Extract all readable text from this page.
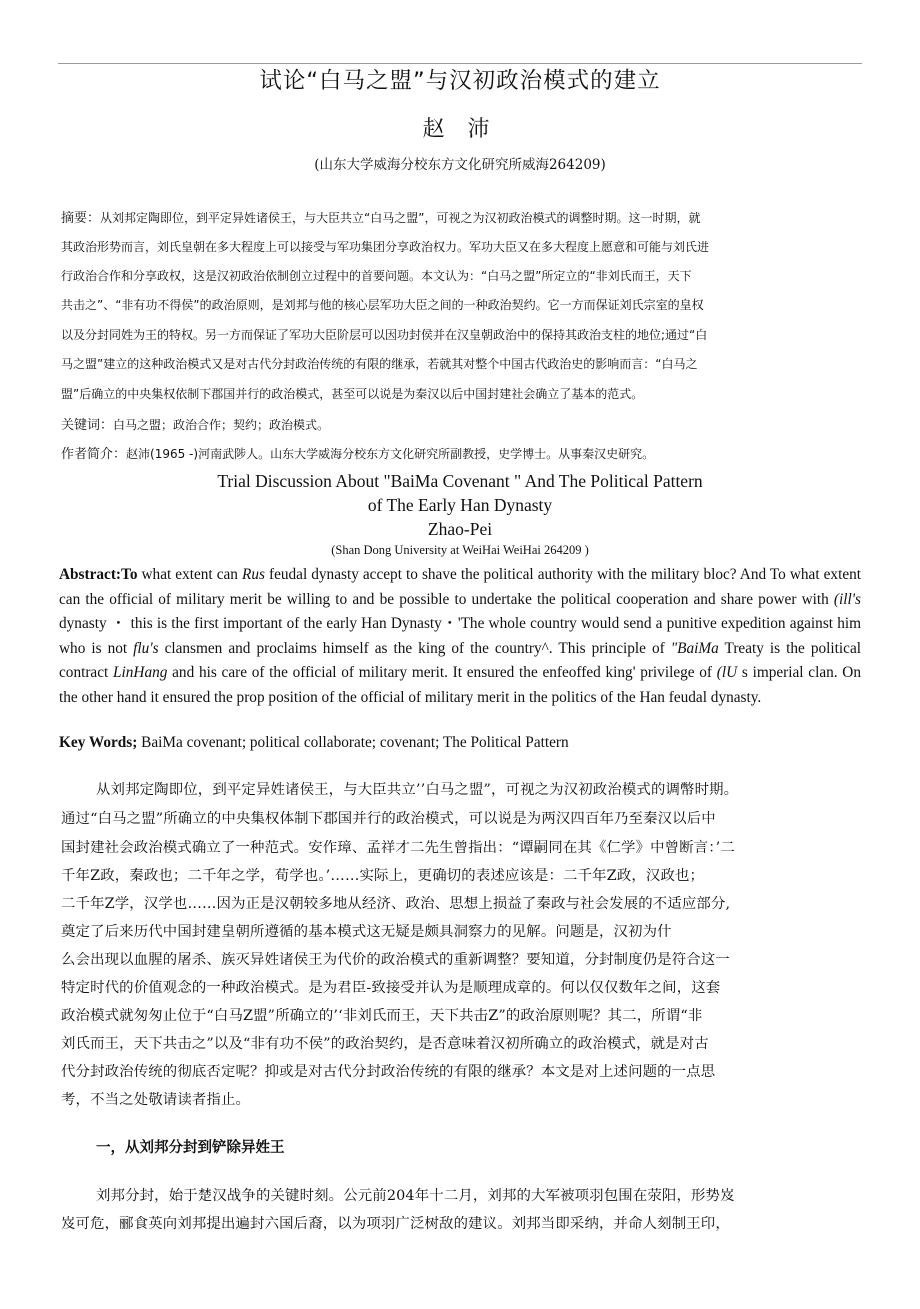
试论“白马之盟”与汉初政治模式的建立
赵 沛
(山东大学威海分校东方文化研究所威海264209)
摘要：从刘邦定陶即位，到平定异姓诸侯王，与大臣共立“白马之盟”，可视之为汉初政治模式的调整时期。这一时期，就
其政治形势而言，刘氏皇朝在多大程度上可以接受与军功集团分享政治权力。军功大臣又在多大程度上愿意和可能与刘氏进
行政治合作和分享政权，这是汉初政治依制创立过程中的首要问题。本文认为：“白马之盟”所定立的“非刘氏而王，天下
共击之”、“非有功不得侯”的政治原则，是刘邦与他的核心层军功大臣之间的一种政治契约。它一方而保证刘氏宗室的皇权
以及分封同姓为王的特权。另一方而保证了军功大臣阶层可以因功封侯并在汉皇朝政治中的保持其政治支柱的地位;通过“白
马之盟”建立的这种政治模式又是对古代分封政治传统的有限的继承，若就其对整个中国古代政治史的影响而言：“白马之
盟”后确立的中央集权依制下郡国并行的政治模式，甚至可以说是为秦汉以后中国封建社会确立了基本的范式。
关键词：白马之盟；政治合作；契约；政治模式。
作者简介：赵沛(1965 -)河南武陟人。山东大学威海分校东方文化研究所副教授，史学博士。从事秦汉史研究。
Trial Discussion About "BaiMa Covenant " And The Political Pattern
of The Early Han Dynasty
Zhao-Pei
(Shan Dong University at WeiHai WeiHai 264209 )

Abstract:To what extent can Rus feudal dynasty accept to shave the political authority with the military bloc? And To what extent can the official of military merit be willing to and be possible to undertake the political cooperation and share power with (ill's dynasty ・ this is the first important of the early Han Dynasty・'The whole country would send a punitive expedition against him who is not flu's clansmen and proclaims himself as the king of the country^. This principle of "BaiMa Treaty is the political contract LinHang and his care of the official of military merit. It ensured the enfeoffed king' privilege of (lU s imperial clan. On the other hand it ensured the prop position of the official of military merit in the politics of the Han feudal dynasty.

Key Words; BaiMa covenant; political collaborate; covenant; The Political Pattern
从刘邦定陶即位，到平定异姓诸侯王，与大臣共立’’白马之盟”，可视之为汉初政治模式的调幣时期。
通过“白马之盟”所确立的中央集权体制下郡国并行的政治模式，可以说是为两汉四百年乃至秦汉以后中
国封建社会政治模式确立了一种范式。安作璋、孟祥才二先生曾指出：“谭嗣同在其《仁学》中曾断言：’二
千年Z政，秦政也；二千年之学，荀学也。’……实际上，更确切的表述应该是：二千年Z政，汉政也；
二千年Z学，汉学也……因为正是汉朝较多地从经济、政治、思想上损益了秦政与社会发展的不适应部分,
奠定了后来历代中国封建皇朝所遵循的基本模式这无疑是颇具洞察力的见解。问题是，汉初为什
么会出现以血腥的屠杀、族灭异姓诸侯王为代价的政治模式的重新调整？要知道，分封制度仍是符合这一
特定时代的价值观念的一种政治模式。是为君臣-致接受并认为是顺理成章的。何以仅仅数年之间，这套
政治模式就匆匆止位于“白马Z盟”所确立的’‘非刘氏而王，天下共击Z”的政治原则呢？其二，所谓“非
刘氏而王，天下共击之”以及“非有功不侯”的政治契约，是否意味着汉初所确立的政治模式，就是对古
代分封政治传统的彻底否定呢？抑或是对古代分封政治传统的有限的继承？本文是对上述问题的一点思
考，不当之处敬请读者指止。
一，从刘邦分封到铲除异姓王
刘邦分封，始于楚汉战争的关键时刻。公元前204年十二月，刘邦的大军被项羽包围在荥阳，形势岌
岌可危，郦食英向刘邦提出遍封六国后裔，以为项羽广泛树敌的建议。刘邦当即采纳，并命人刻制王印，
